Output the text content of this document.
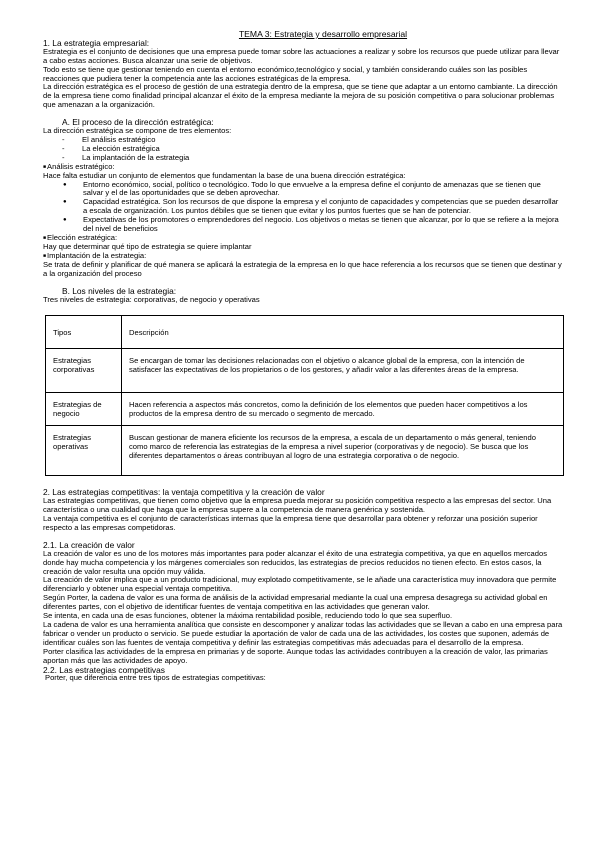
TEMA 3: Estrategia y desarrollo empresarial

1. La estrategia empresarial:

Estrategia es el conjunto de decisiones que una empresa puede tomar sobre las actuaciones a realizar y sobre los recursos que puede utilizar para llevar a cabo estas acciones. Busca alcanzar una serie de objetivos.

Todo esto se tiene que gestionar teniendo en cuenta el entorno económico,tecnológico y social, y también considerando cuáles son las posibles reacciones que pudiera tener la competencia ante las acciones estratégicas de la empresa.

La dirección estratégica es el proceso de gestión de una estrategia dentro de la empresa, que se tiene que adaptar a un entorno cambiante. La dirección de la empresa tiene como finalidad principal alcanzar el éxito de la empresa mediante la mejora de su posición competitiva o para solucionar problemas que amenazan a la organización.

A. El proceso de la dirección estratégica:

La dirección estratégica se compone de tres elementos:

- El análisis estratégico
- La elección estratégica
- La implantación de la estrategia

■ Análisis estratégico:

Hace falta estudiar un conjunto de elementos que fundamentan la base de una buena dirección estratégica:

● Entorno económico, social, político o tecnológico. Todo lo que envuelve a la empresa define el conjunto de amenazas que se tienen que salvar y el de las oportunidades que se deben aprovechar.
● Capacidad estratégica. Son los recursos de que dispone la empresa y el conjunto de capacidades y competencias que se pueden desarrollar a escala de organización. Los puntos débiles que se tienen que evitar y los puntos fuertes que se han de potenciar.
● Expectativas de los promotores o emprendedores del negocio. Los objetivos o metas se tienen que alcanzar, por lo que se refiere a la mejora del nivel de beneficios

■ Elección estratégica:

Hay que determinar qué tipo de estrategia se quiere implantar

■ Implantación de la estrategia:

Se trata de definir y planificar de qué manera se aplicará la estrategia de la empresa en lo que hace referencia a los recursos que se tienen que destinar y a la organización del proceso

B. Los niveles de la estrategia:

Tres niveles de estrategia: corporativas, de negocio y operativas

Tipos	Descripción
Estrategias corporativas	Se encargan de tomar las decisiones relacionadas con el objetivo o alcance global de la empresa, con la intención de satisfacer las expectativas de los propietarios o de los gestores, y añadir valor a las diferentes áreas de la empresa.
Estrategias de negocio	Hacen referencia a aspectos más concretos, como la definición de los elementos que pueden hacer competitivos a los productos de la empresa dentro de su mercado o segmento de mercado.
Estrategias operativas	Buscan gestionar de manera eficiente los recursos de la empresa, a escala de un departamento o más general, teniendo como marco de referencia las estrategias de la empresa a nivel superior (corporativas y de negocio). Se busca que los diferentes departamentos o áreas contribuyan al logro de una estrategia corporativa o de negocio.

2. Las estrategias competitivas: la ventaja competitiva y la creación de valor

Las estrategias competitivas, que tienen como objetivo que la empresa pueda mejorar su posición competitiva respecto a las empresas del sector. Una característica o una cualidad que haga que la empresa supere a la competencia de manera genérica y sostenida.

La ventaja competitiva es el conjunto de características internas que la empresa tiene que desarrollar para obtener y reforzar una posición superior respecto a las empresas competidoras.

2.1. La creación de valor

La creación de valor es uno de los motores más importantes para poder alcanzar el éxito de una estrategia competitiva, ya que en aquellos mercados donde hay mucha competencia y los márgenes comerciales son reducidos, las estrategias de precios reducidos no tienen efecto. En estos casos, la creación de valor resulta una opción muy válida.

La creación de valor implica que a un producto tradicional, muy explotado competitivamente, se le añade una característica muy innovadora que permite diferenciarlo y obtener una especial ventaja competitiva.

Según Porter, la cadena de valor es una forma de análisis de la actividad empresarial mediante la cual una empresa desagrega su actividad global en diferentes partes, con el objetivo de identificar fuentes de ventaja competitiva en las actividades que generan valor.

Se intenta, en cada una de esas funciones, obtener la máxima rentabilidad posible, reduciendo todo lo que sea superfluo.

La cadena de valor es una herramienta analítica que consiste en descomponer y analizar todas las actividades que se llevan a cabo en una empresa para fabricar o vender un producto o servicio. Se puede estudiar la aportación de valor de cada una de las actividades, los costes que suponen, además de identificar cuáles son las fuentes de ventaja competitiva y definir las estrategias competitivas más adecuadas para el desarrollo de la empresa.

Porter clasifica las actividades de la empresa en primarias y de soporte. Aunque todas las actividades contribuyen a la creación de valor, las primarias aportan más que las actividades de apoyo.

2.2. Las estrategias competitivas

Porter, que diferencia entre tres tipos de estrategias competitivas:
